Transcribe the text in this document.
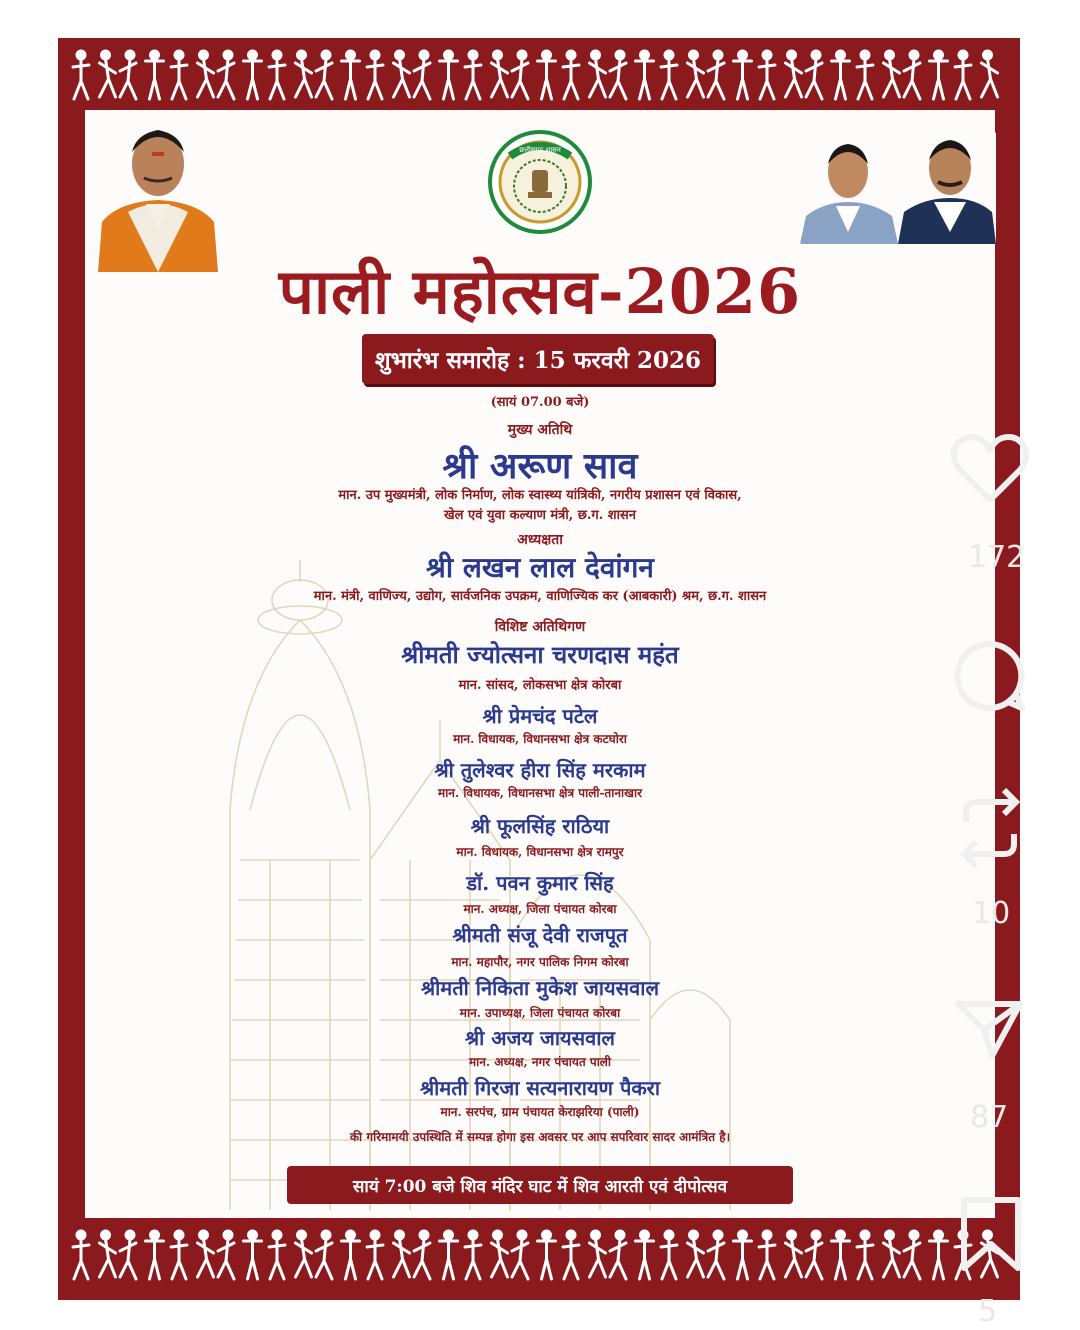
छत्तीसगढ़ शासन
पाली महोत्सव-2026
शुभारंभ समारोह : 15 फरवरी 2026
(सायं 07.00 बजे)
मुख्य अतिथि
श्री अरूण साव
मान. उप मुख्यमंत्री, लोक निर्माण, लोक स्वास्थ्य यांत्रिकी, नगरीय प्रशासन एवं विकास,
खेल एवं युवा कल्याण मंत्री, छ.ग. शासन
अध्यक्षता
श्री लखन लाल देवांगन
मान. मंत्री, वाणिज्य, उद्योग, सार्वजनिक उपक्रम, वाणिज्यिक कर (आबकारी) श्रम, छ.ग. शासन
विशिष्ट अतिथिगण
श्रीमती ज्योत्सना चरणदास महंत
मान. सांसद, लोकसभा क्षेत्र कोरबा
श्री प्रेमचंद पटेल
मान. विधायक, विधानसभा क्षेत्र कटघोरा
श्री तुलेश्वर हीरा सिंह मरकाम
मान. विधायक, विधानसभा क्षेत्र पाली-तानाखार
श्री फूलसिंह राठिया
मान. विधायक, विधानसभा क्षेत्र रामपुर
डॉ. पवन कुमार सिंह
मान. अध्यक्ष, जिला पंचायत कोरबा
श्रीमती संजू देवी राजपूत
मान. महापौर, नगर पालिक निगम कोरबा
श्रीमती निकिता मुकेश जायसवाल
मान. उपाध्यक्ष, जिला पंचायत कोरबा
श्री अजय जायसवाल
मान. अध्यक्ष, नगर पंचायत पाली
श्रीमती गिरजा सत्यनारायण पैकरा
मान. सरपंच, ग्राम पंचायत केराझरिया (पाली)
की गरिमामयी उपस्थिति में सम्पन्न होगा इस अवसर पर आप सपरिवार सादर आमंत्रित है।
सायं 7:00 बजे शिव मंदिर घाट में शिव आरती एवं दीपोत्सव
172
10
87
5
